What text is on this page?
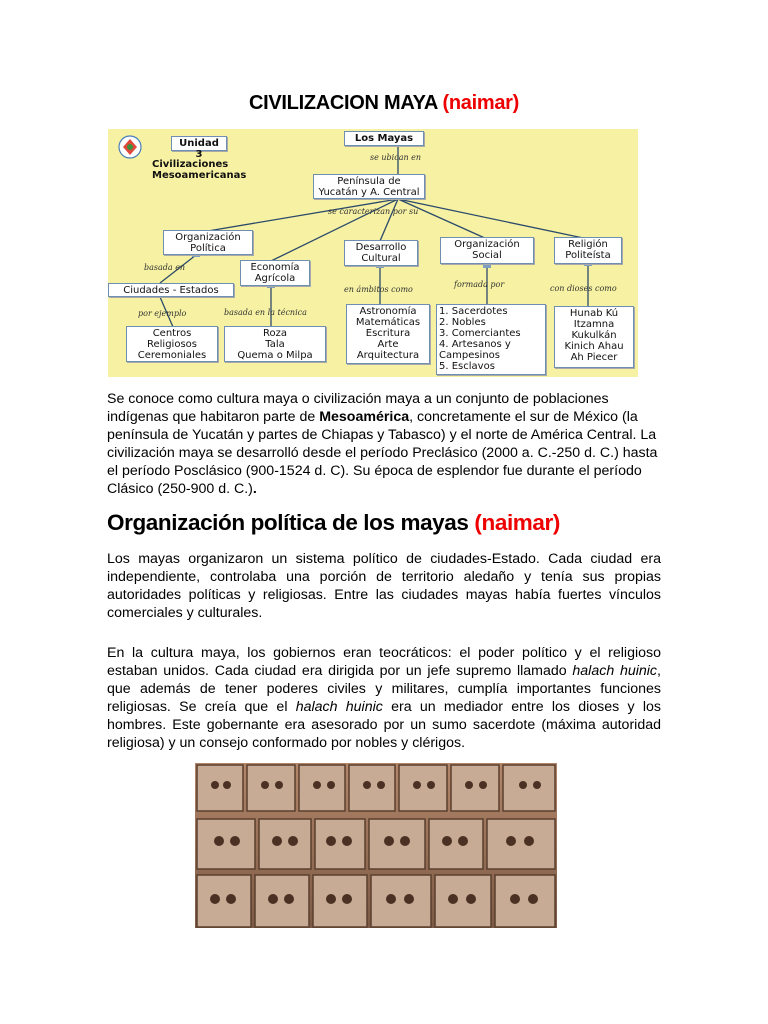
CIVILIZACION MAYA (naimar)
Unidad 3
Civilizaciones
Mesoamericanas
Los Mayas
se ubican en
Península de
Yucatán y A. Central
se caracterizan por su
Organización
Política
basada en
Ciudades - Estados
por ejemplo
Centros
Religiosos
Ceremoniales
Economía
Agrícola
basada en la técnica
Roza
Tala
Quema o Milpa
Desarrollo
Cultural
en ámbitos como
Astronomía
Matemáticas
Escritura
Arte
Arquitectura
Organización
Social
formada por
1. Sacerdotes
2. Nobles
3. Comerciantes
4. Artesanos y
Campesinos
5. Esclavos
Religión
Politeísta
con dioses como
Hunab Kú
Itzamna
Kukulkán
Kinich Ahau
Ah Piecer

Se conoce como cultura maya o civilización maya a un conjunto de poblaciones indígenas que habitaron parte de Mesoamérica, concretamente el sur de México (la península de Yucatán y partes de Chiapas y Tabasco) y el norte de América Central. La civilización maya se desarrolló desde el período Preclásico (2000 a. C.-250 d. C.) hasta el período Posclásico (900-1524 d. C). Su época de esplendor fue durante el período Clásico (250-900 d. C.).

Organización política de los mayas (naimar)

Los mayas organizaron un sistema político de ciudades-Estado. Cada ciudad era independiente, controlaba una porción de territorio aledaño y tenía sus propias autoridades políticas y religiosas. Entre las ciudades mayas había fuertes vínculos comerciales y culturales.

En la cultura maya, los gobiernos eran teocráticos: el poder político y el religioso estaban unidos. Cada ciudad era dirigida por un jefe supremo llamado halach huinic, que además de tener poderes civiles y militares, cumplía importantes funciones religiosas. Se creía que el halach huinic era un mediador entre los dioses y los hombres. Este gobernante era asesorado por un sumo sacerdote (máxima autoridad religiosa) y un consejo conformado por nobles y clérigos.
